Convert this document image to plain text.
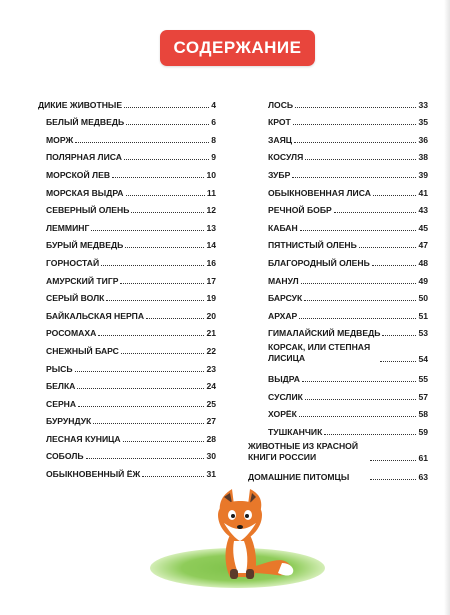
СОДЕРЖАНИЕ
ДИКИЕ ЖИВОТНЫЕ	4
БЕЛЫЙ МЕДВЕДЬ	6
МОРЖ	8
ПОЛЯРНАЯ ЛИСА	9
МОРСКОЙ ЛЕВ	10
МОРСКАЯ ВЫДРА	11
СЕВЕРНЫЙ ОЛЕНЬ	12
ЛЕММИНГ	13
БУРЫЙ МЕДВЕДЬ	14
ГОРНОСТАЙ	16
АМУРСКИЙ ТИГР	17
СЕРЫЙ ВОЛК	19
БАЙКАЛЬСКАЯ НЕРПА	20
РОСОМАХА	21
СНЕЖНЫЙ БАРС	22
РЫСЬ	23
БЕЛКА	24
СЕРНА	25
БУРУНДУК	27
ЛЕСНАЯ КУНИЦА	28
СОБОЛЬ	30
ОБЫКНОВЕННЫЙ ЁЖ	31
ЛОСЬ	33
КРОТ	35
ЗАЯЦ	36
КОСУЛЯ	38
ЗУБР	39
ОБЫКНОВЕННАЯ ЛИСА	41
РЕЧНОЙ БОБР	43
КАБАН	45
ПЯТНИСТЫЙ ОЛЕНЬ	47
БЛАГОРОДНЫЙ ОЛЕНЬ	48
МАНУЛ	49
БАРСУК	50
АРХАР	51
ГИМАЛАЙСКИЙ МЕДВЕДЬ	53
КОРСАК, ИЛИ СТЕПНАЯ ЛИСИЦА	54
ВЫДРА	55
СУСЛИК	57
ХОРЁК	58
ТУШКАНЧИК	59
ЖИВОТНЫЕ ИЗ КРАСНОЙ КНИГИ РОССИИ	61
ДОМАШНИЕ ПИТОМЦЫ	63
